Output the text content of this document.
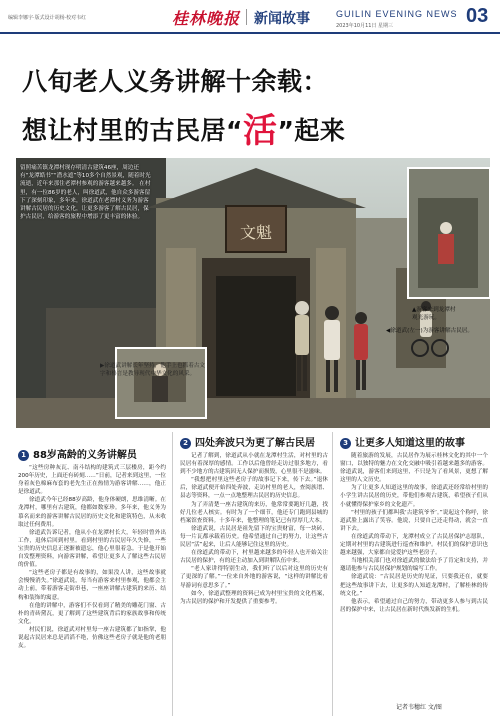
编辑李娜宇·版式设计胡杨·校对韦红	桂林晚报 新闻故事	GUILIN EVENING NEWS
2023年10月11日 星期三	03
八旬老人义务讲解十余载：
想让村里的古民居“活”起来
文魁
留照痛苦镇龙潭村现存明清古建筑46座，周边还有“龙潭皓书”“潜水遮”等10多个自然景观，随着时光流逝，近年来那住老潭村参观的游客越来越多。 在村里，有一位86岁的老人，叫徐道武，他自众多游客留下了深刻印象，多年来，徐道武在老潭村义务为游客讲解古民居的历史文化，让更多游客了解古民居，保护古民居，给游客的旅程中增添了更丰富的体验。
▲游客来到龙潭村
观光游玩。
◀徐道武(左一)为游客讲解古民居。
▶徐道武讲解长年坚持，他手上也抓着古文字和格言是教导现代中华文化的风采。
1 88岁高龄的义务讲解员
2 四处奔波只为更了解古民居	3 让更多人知道这里的故事

“这些房种灰瓦、南斗结构的建筑式三层楼房，距今约200年历史，上面还有砖刻……”日前，记者来到这里，一位身着灰色棉麻布套的老先生正在热情为游客讲解……，他正是徐道武。

徐道武今年已经88岁高龄，他身体硬朗，思维清晰。在龙潭村，哪里有古建筑，他都如数家珍。多年来，他义务为慕名而来的游客讲解古民居的历史文化和建筑特色，从未收取过任何费用。

徐道武告诉记者，他从小在龙潭村长大，年轻时曾外出工作，退休后回到村里。看到村里的古民居年久失修，一些宝贵的历史信息正逐渐被遗忘，他心里很着急。于是他开始自发整理资料，向游客讲解，希望让更多人了解这些古民居的价值。

“这些老房子都是有故事的，如果没人讲，这些故事就会慢慢消失。”徐道武说，每当有游客来村里参观，他都会主动上前，带着游客走街串巷，一座座讲解古建筑的来历、结构和装饰的寓意。

在他的讲解中，游客们不仅看到了精美的雕花门窗、古朴的青砖黛瓦，更了解到了这些建筑背后的家族故事和传统文化。

村民们说，徐道武对村里每一座古建筑都了如指掌，他说起古民居来总是滔滔不绝，仿佛这些老房子就是他的老朋友。

记者了解到，徐道武从小就在龙潭村生活，对村里的古民居有着深厚的感情。工作以后他曾经走访过很多地方，看到不少地方的古建筑因无人保护而损毁，心里很不是滋味。

“我想把村里这些老房子的故事记下来，传下去。”退休后，徐道武便开始四处奔波，走访村里的老人，查阅族谱、县志等资料，一点一点地整理古民居的历史信息。

为了弄清楚一座古建筑的来历，他常常要跑好几趟，找好几位老人核实。有时为了一个细节，他还专门跑到县城的档案馆查资料。十多年来，他整理的笔记已有厚厚几大本。

徐道武说，古民居是祖先留下的宝贵财富，每一块砖、每一片瓦都承载着历史。他希望通过自己的努力，让这些古民居“活”起来，让后人能够记住这里的历史。

在徐道武的带动下，村里越来越多的年轻人也开始关注古民居的保护，有的还主动加入到讲解队伍中来。

“老人家讲得特别生动，我们听了以后对这里的历史有了更深的了解。”一位来自外地的游客说，“这样的讲解比看导游词有意思多了。”

如今，徐道武整理的资料已成为村里宝贵的文化档案，为古民居的保护和开发提供了重要参考。

随着旅游的发展，古民居作为展示桂林文化的其中一个窗口，以独特的魅力在文化交融中吸引着越来越多的游客。徐道武说，游客们来到这里，不只是为了看风景，更想了解这里的人文历史。

为了让更多人知道这里的故事，徐道武还经常给村里的小学生讲古民居的历史，带他们参观古建筑，希望孩子们从小就懂得保护家乡的文化遗产。

“村里的孩子们都叫我‘古建筑爷爷’。”说起这个称呼，徐道武脸上露出了笑容。他说，只要自己还走得动，就会一直讲下去。

在徐道武的带动下，龙潭村成立了古民居保护志愿队，定期对村里的古建筑进行巡查和维护。村民们的保护意识也越来越强，大家都自觉爱护这些老房子。

当地相关部门也对徐道武的做法给予了肯定和支持，并邀请他参与古民居保护规划的编写工作。

徐道武说：“古民居是历史的见证，只要我还在，就要把这些故事讲下去，让更多的人知道龙潭村，了解桂林的传统文化。”

他表示，希望通过自己的努力，带动更多人参与到古民居的保护中来，让古民居在新时代焕发新的生机。

记者韦穗红 文/图
